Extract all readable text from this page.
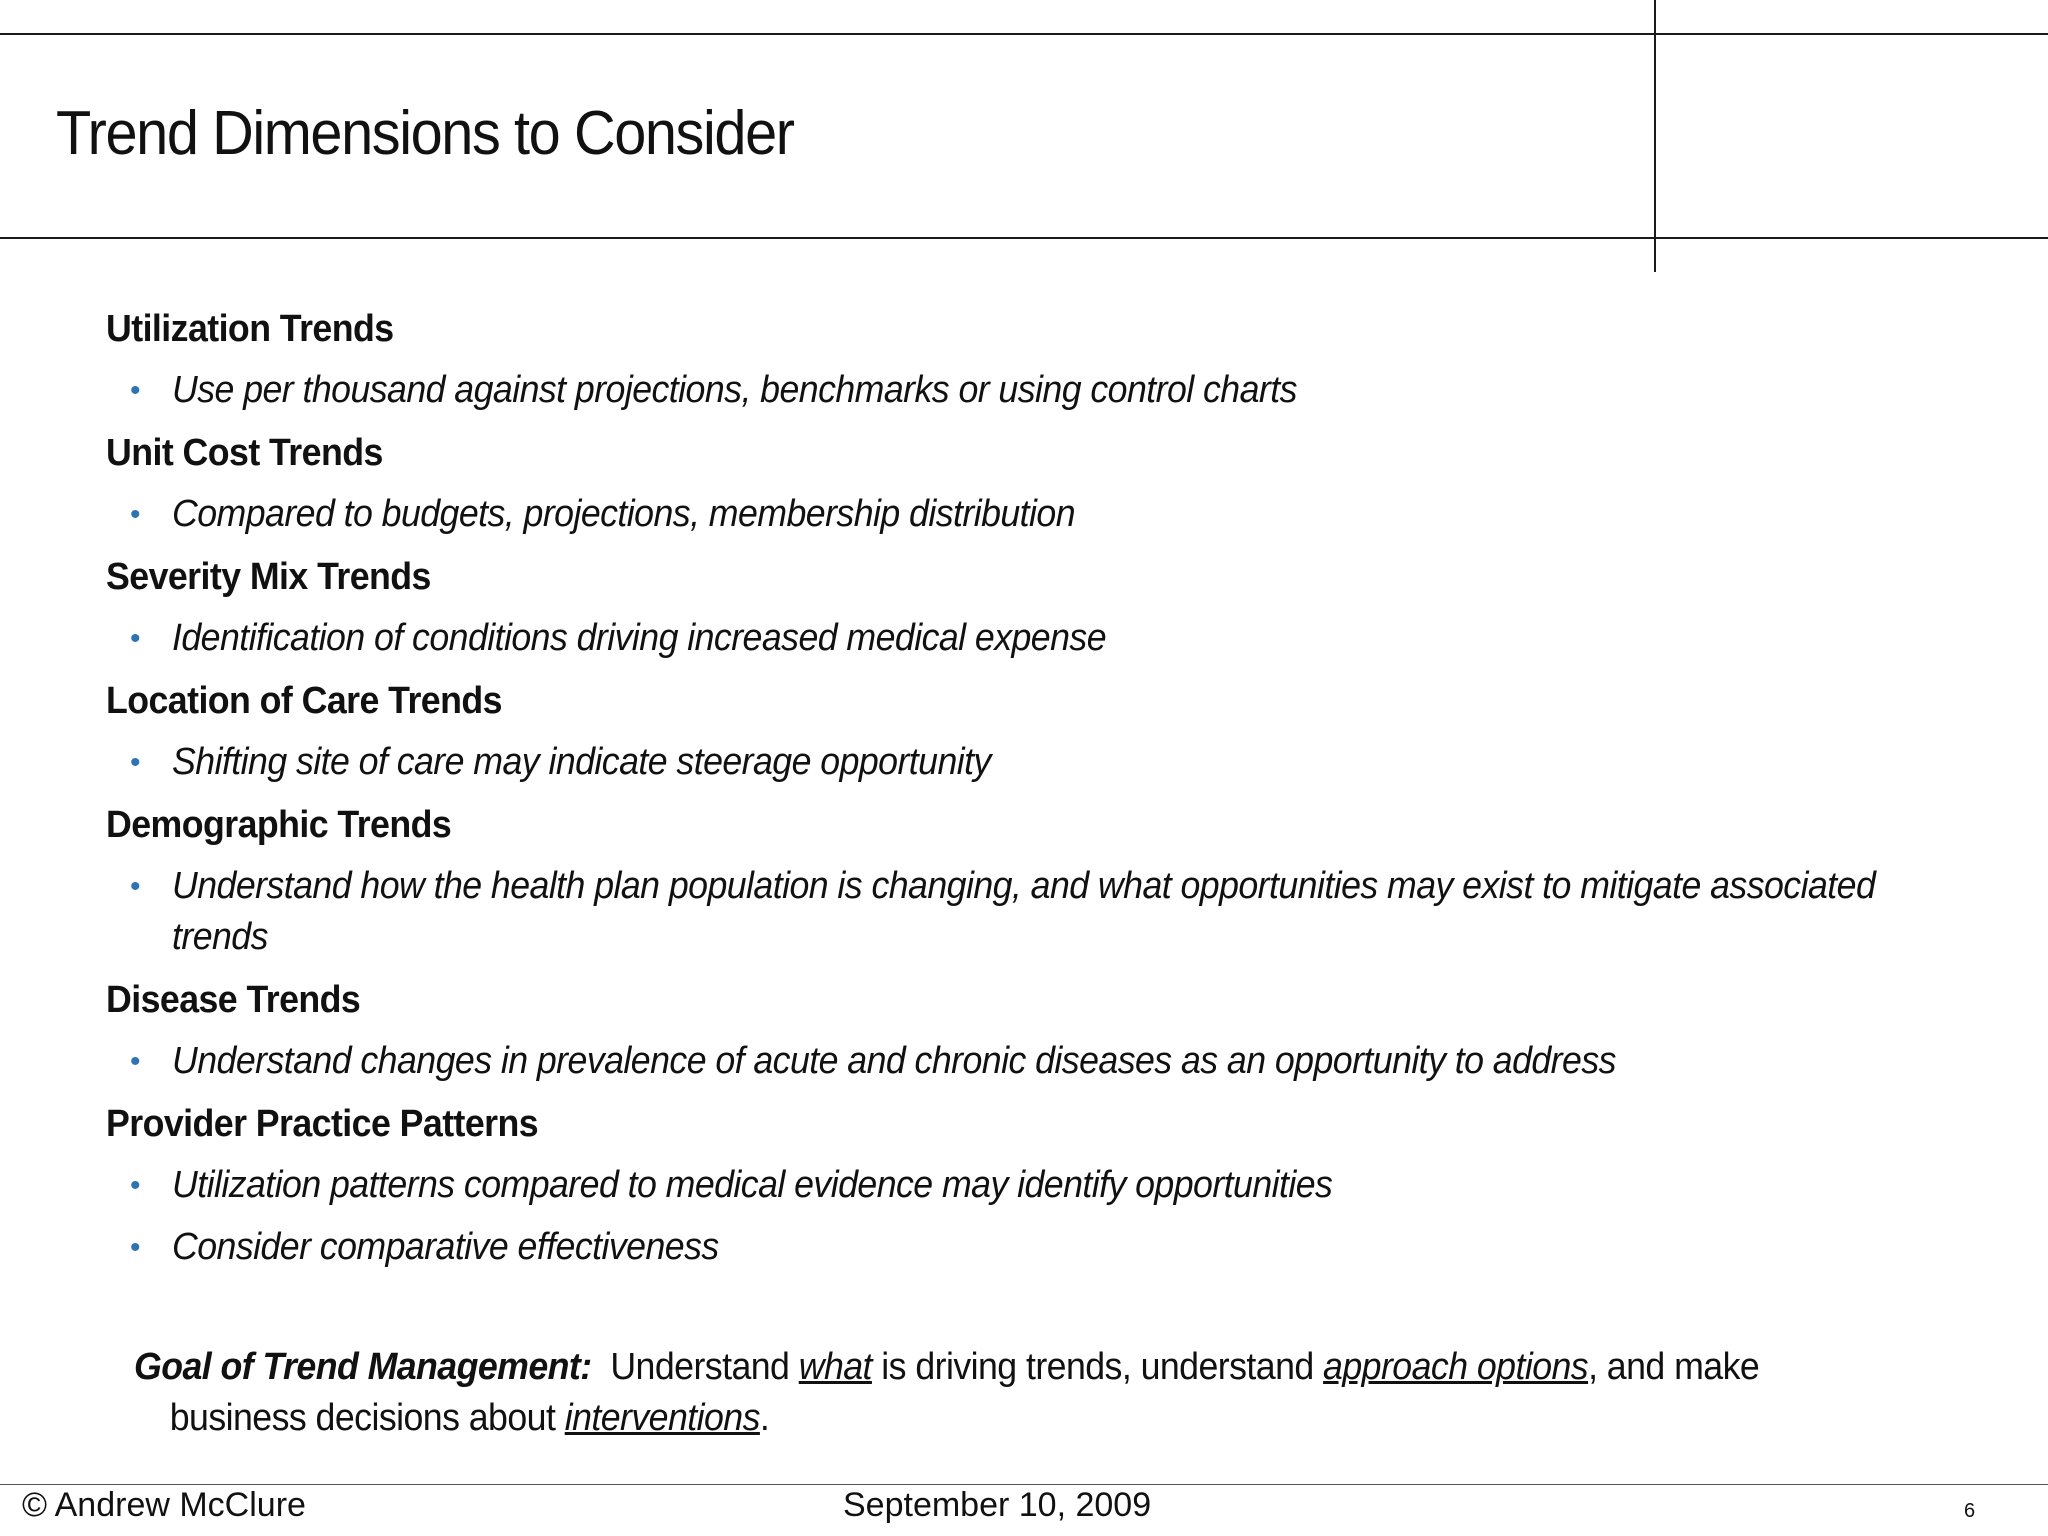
Trend Dimensions to Consider
Utilization Trends
• Use per thousand against projections, benchmarks or using control charts
Unit Cost Trends
• Compared to budgets, projections, membership distribution
Severity Mix Trends
• Identification of conditions driving increased medical expense
Location of Care Trends
• Shifting site of care may indicate steerage opportunity
Demographic Trends
• Understand how the health plan population is changing, and what opportunities may exist to mitigate associated trends
Disease Trends
• Understand changes in prevalence of acute and chronic diseases as an opportunity to address
Provider Practice Patterns
• Utilization patterns compared to medical evidence may identify opportunities
• Consider comparative effectiveness
Goal of Trend Management: Understand what is driving trends, understand approach options, and make
business decisions about interventions.
© Andrew McClure	September 10, 2009	6
